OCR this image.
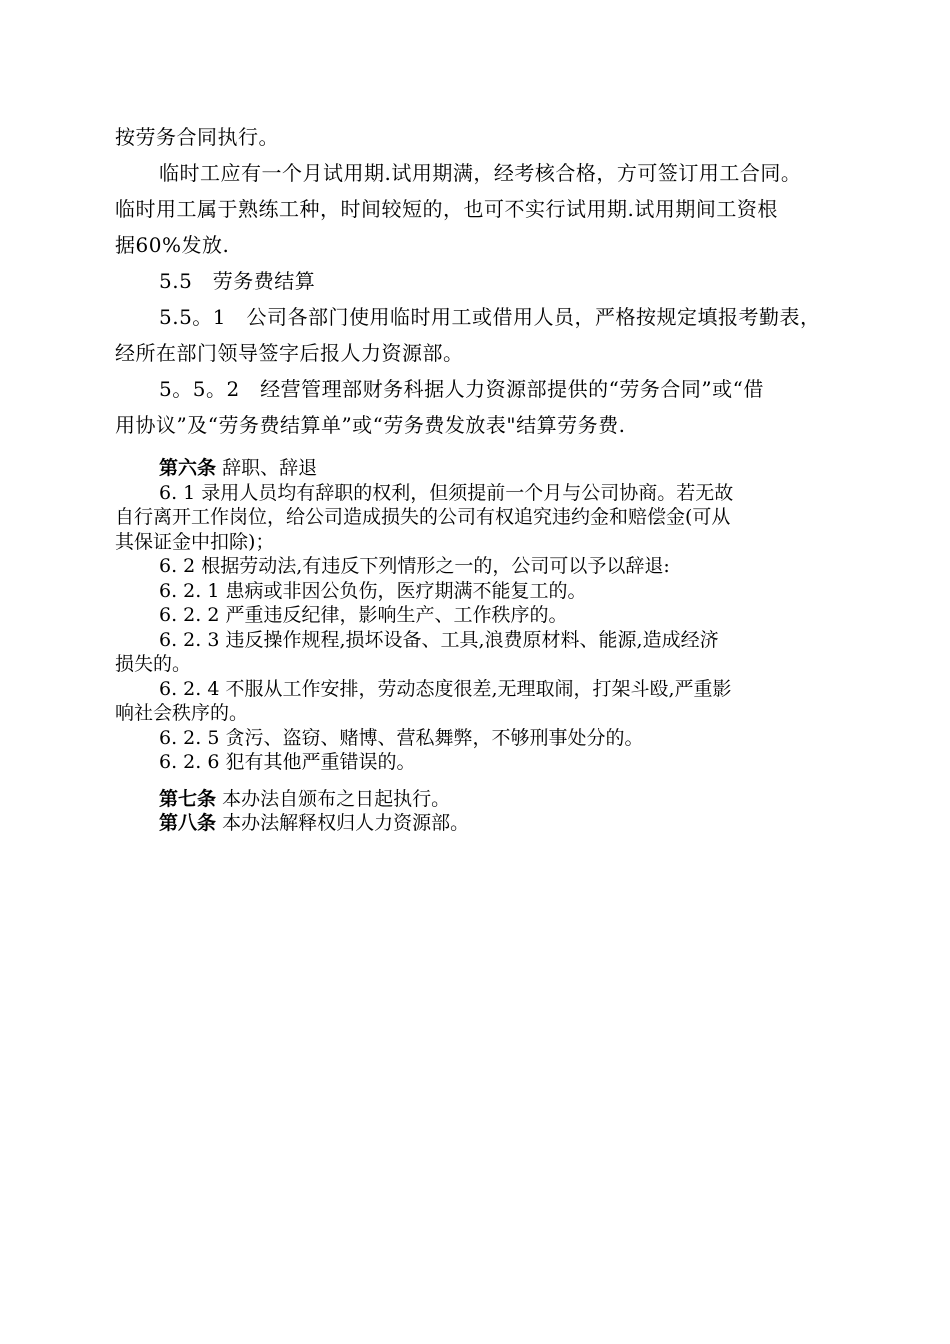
按劳务合同执行。
临时工应有一个月试用期.试用期满，经考核合格，方可签订用工合同。
临时用工属于熟练工种，时间较短的，也可不实行试用期.试用期间工资根
据60%发放.
5.5　劳务费结算
5.5。1　公司各部门使用临时用工或借用人员，严格按规定填报考勤表，
经所在部门领导签字后报人力资源部。
5。5。2　经营管理部财务科据人力资源部提供的“劳务合同”或“借
用协议”及“劳务费结算单”或“劳务费发放表"结算劳务费.
第六条 辞职、辞退
6. 1 录用人员均有辞职的权利，但须提前一个月与公司协商。若无故
自行离开工作岗位，给公司造成损失的公司有权追究违约金和赔偿金(可从
其保证金中扣除)；
6. 2 根据劳动法,有违反下列情形之一的，公司可以予以辞退:
6. 2. 1 患病或非因公负伤，医疗期满不能复工的。
6. 2. 2 严重违反纪律，影响生产、工作秩序的。
6. 2. 3 违反操作规程,损坏设备、工具,浪费原材料、能源,造成经济
损失的。
6. 2. 4 不服从工作安排，劳动态度很差,无理取闹，打架斗殴,严重影
响社会秩序的。
6. 2. 5 贪污、盗窃、赌博、营私舞弊，不够刑事处分的。
6. 2. 6 犯有其他严重错误的。
第七条 本办法自颁布之日起执行。
第八条 本办法解释权归人力资源部。
